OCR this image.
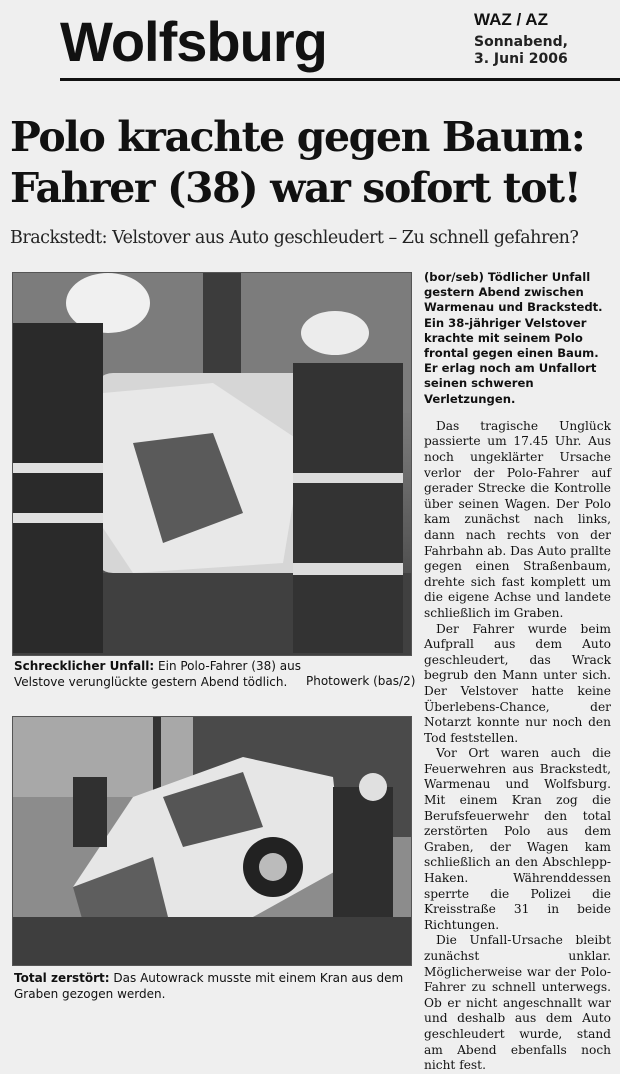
Wolfsburg	WAZ / AZ
Sonnabend,
3. Juni 2006
Polo krachte gegen Baum: Fahrer (38) war sofort tot!
Brackstedt: Velstover aus Auto geschleudert – Zu schnell gefahren?
Schrecklicher Unfall: Ein Polo-Fahrer (38) aus Velstove verunglückte gestern Abend tödlich.	Photowerk (bas/2)
Total zerstört: Das Autowrack musste mit einem Kran aus dem Graben gezogen werden.

(bor/seb) Tödlicher Unfall gestern Abend zwischen Warmenau und Brackstedt. Ein 38-jähriger Velstover krachte mit seinem Polo frontal gegen einen Baum. Er erlag noch am Unfallort seinen schweren Verletzungen.

Das tragische Unglück passierte um 17.45 Uhr. Aus noch ungeklärter Ursache verlor der Polo-Fahrer auf gerader Strecke die Kontrolle über seinen Wagen. Der Polo kam zunächst nach links, dann nach rechts von der Fahrbahn ab. Das Auto prallte gegen einen Straßenbaum, drehte sich fast komplett um die eigene Achse und landete schließlich im Graben.

Der Fahrer wurde beim Aufprall aus dem Auto geschleudert, das Wrack begrub den Mann unter sich. Der Velstover hatte keine Überlebens-Chance, der Notarzt konnte nur noch den Tod feststellen.

Vor Ort waren auch die Feuerwehren aus Brackstedt, Warmenau und Wolfsburg. Mit einem Kran zog die Berufsfeuerwehr den total zerstörten Polo aus dem Graben, der Wagen kam schließlich an den Abschlepp-Haken. Währenddessen sperrte die Polizei die Kreisstraße 31 in beide Richtungen.

Die Unfall-Ursache bleibt zunächst unklar. Möglicherweise war der Polo-Fahrer zu schnell unterwegs. Ob er nicht angeschnallt war und deshalb aus dem Auto geschleudert wurde, stand am Abend ebenfalls noch nicht fest.
